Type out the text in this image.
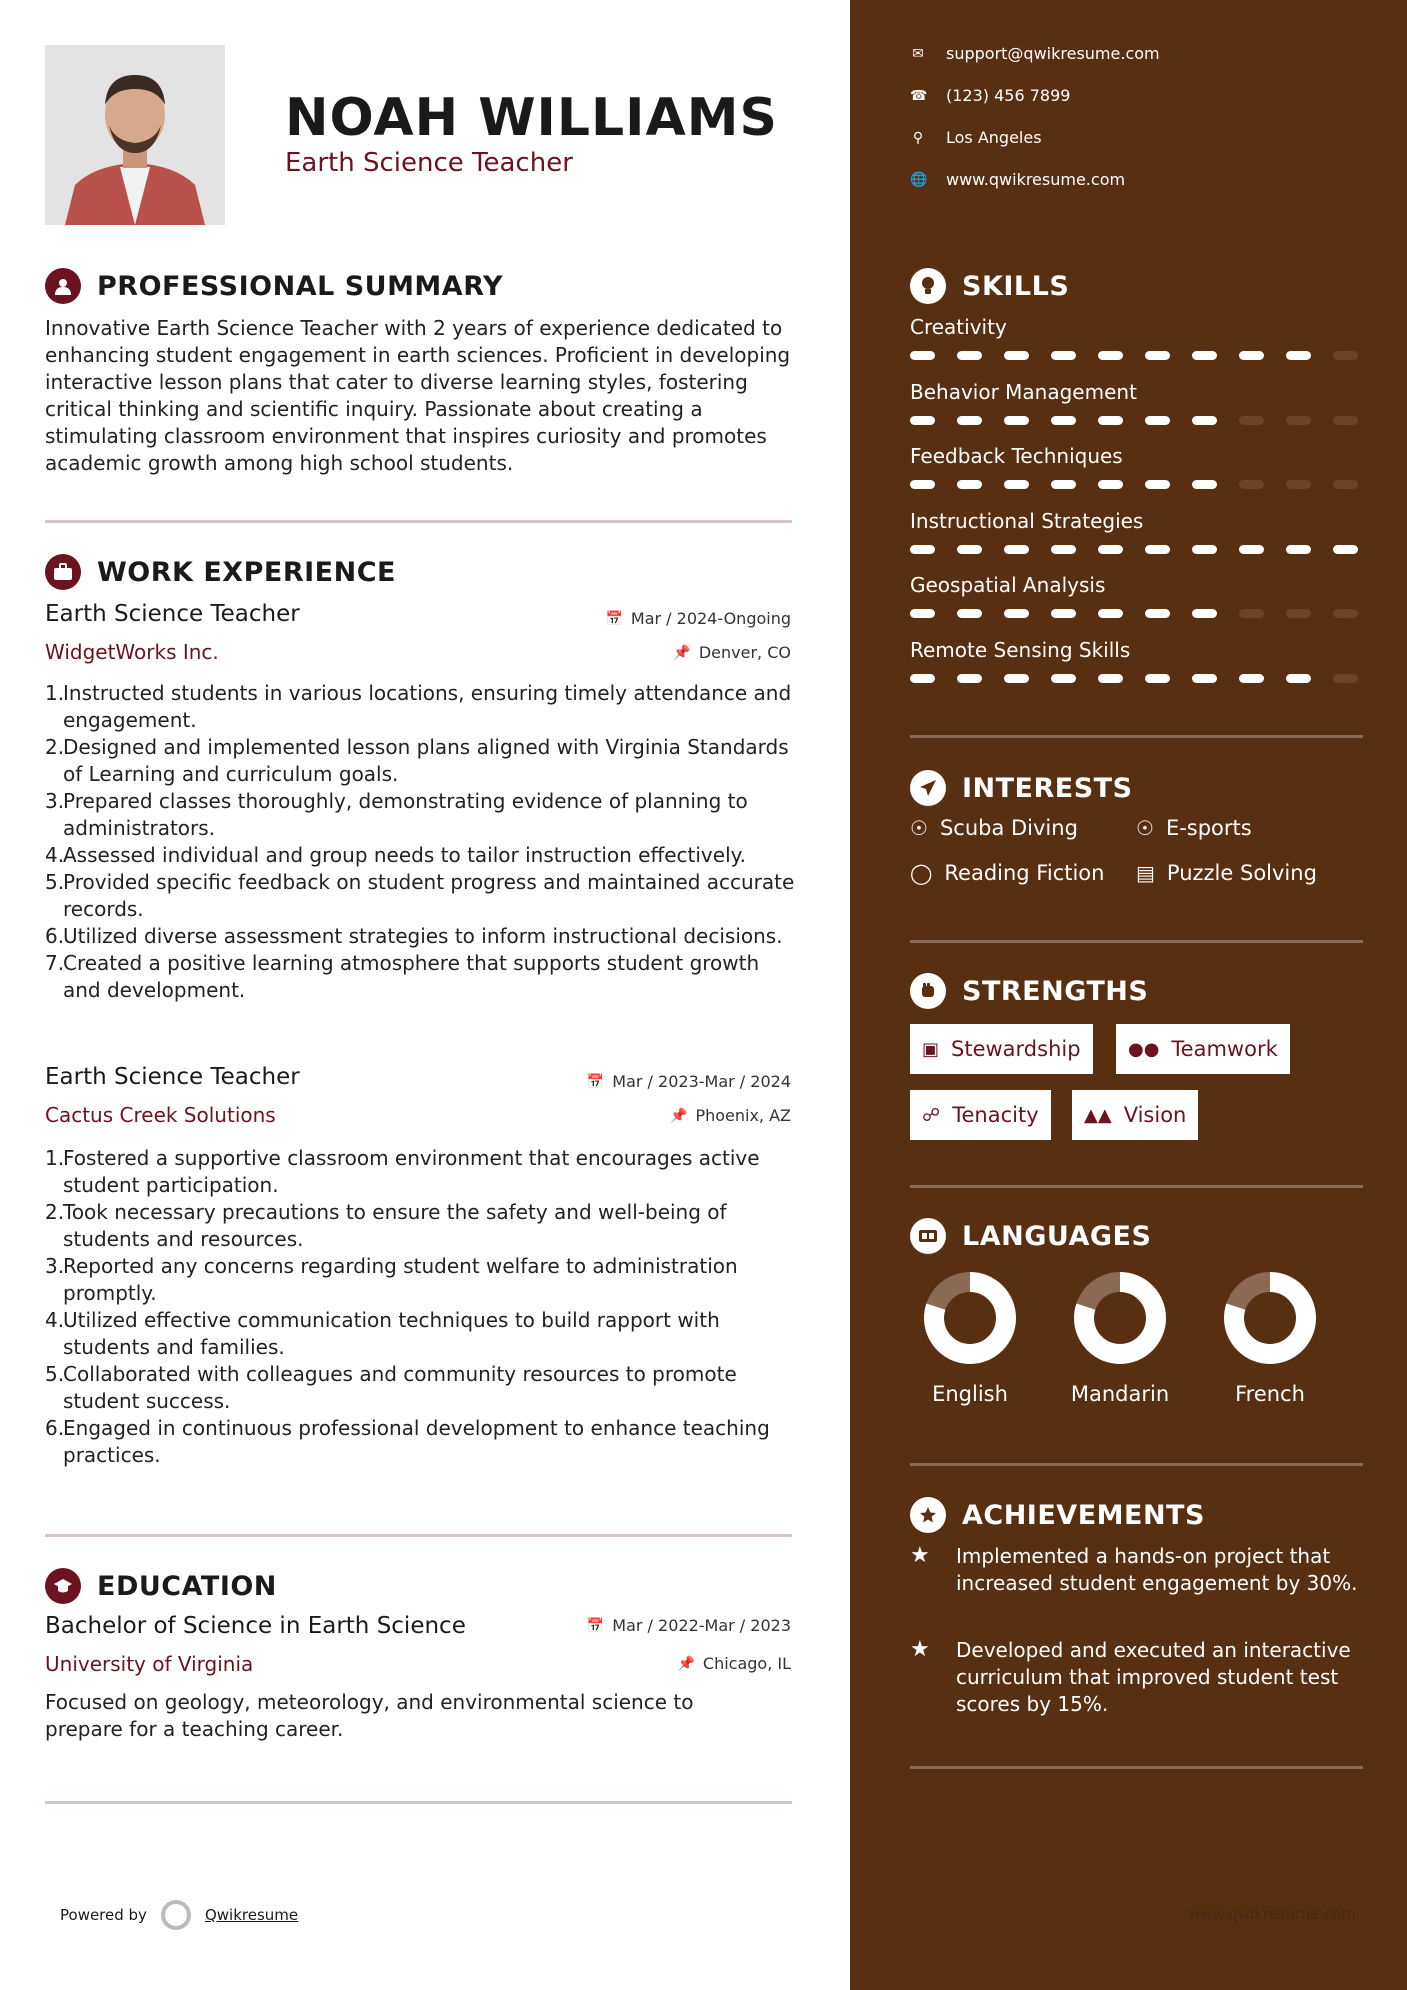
NOAH WILLIAMS
Earth Science Teacher
PROFESSIONAL SUMMARY
Innovative Earth Science Teacher with 2 years of experience dedicated to enhancing student engagement in earth sciences. Proficient in developing interactive lesson plans that cater to diverse learning styles, fostering critical thinking and scientific inquiry. Passionate about creating a stimulating classroom environment that inspires curiosity and promotes academic growth among high school students.
WORK EXPERIENCE
Earth Science Teacher	📅 Mar / 2024-Ongoing
WidgetWorks Inc.	📌 Denver, CO
1.
Instructed students in various locations, ensuring timely attendance and engagement.
2.
Designed and implemented lesson plans aligned with Virginia Standards of Learning and curriculum goals.
3.
Prepared classes thoroughly, demonstrating evidence of planning to administrators.
4.
Assessed individual and group needs to tailor instruction effectively.
5.
Provided specific feedback on student progress and maintained accurate records.
6.
Utilized diverse assessment strategies to inform instructional decisions.
7.
Created a positive learning atmosphere that supports student growth and development.
Earth Science Teacher	📅 Mar / 2023-Mar / 2024
Cactus Creek Solutions	📌 Phoenix, AZ
1.
Fostered a supportive classroom environment that encourages active student participation.
2.
Took necessary precautions to ensure the safety and well-being of students and resources.
3.
Reported any concerns regarding student welfare to administration promptly.
4.
Utilized effective communication techniques to build rapport with students and families.
5.
Collaborated with colleagues and community resources to promote student success.
6.
Engaged in continuous professional development to enhance teaching practices.
EDUCATION
Bachelor of Science in Earth Science	📅 Mar / 2022-Mar / 2023
University of Virginia	📌 Chicago, IL
Focused on geology, meteorology, and environmental science to prepare for a teaching career.
Powered by	Qwikresume
✉ support@qwikresume.com
☎ (123) 456 7899
⚲ Los Angeles
🌐 www.qwikresume.com
SKILLS
Creativity
Behavior Management
Feedback Techniques
Instructional Strategies
Geospatial Analysis
Remote Sensing Skills
INTERESTS
☉ Scuba Diving	☉ E-sports
◯ Reading Fiction ▤ Puzzle Solving
STRENGTHS
▣ Stewardship	●● Teamwork
☍ Tenacity	▲▲ Vision
LANGUAGES
English	Mandarin	French
ACHIEVEMENTS
★	Implemented a hands-on project that increased student engagement by 30%.
★	Developed and executed an interactive curriculum that improved student test scores by 15%.
www.qwikresume.com
